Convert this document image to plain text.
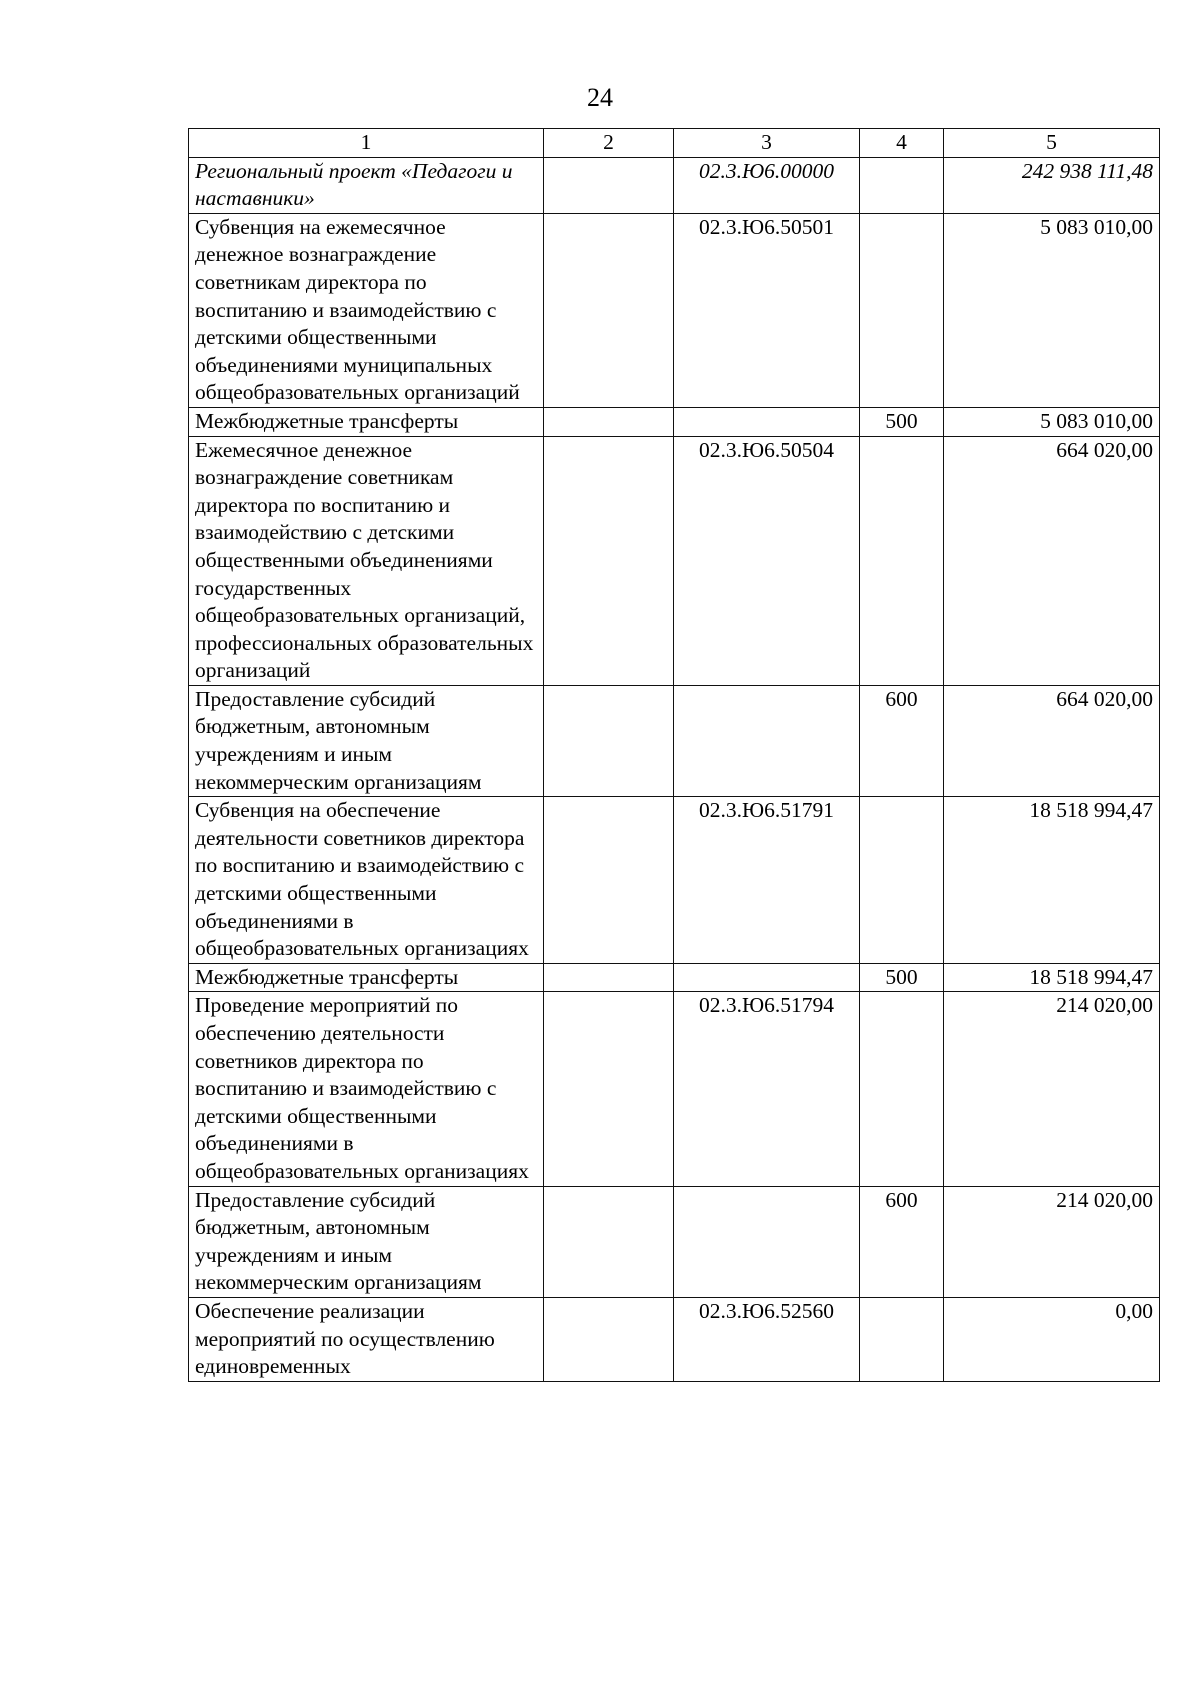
24
1	2	3	4	5
Региональный проект «Педагоги и наставники»		02.3.Ю6.00000		242 938 111,48
Субвенция на ежемесячное денежное вознаграждение советникам директора по воспитанию и взаимодействию с детскими общественными объединениями муниципальных общеобразовательных организаций		02.3.Ю6.50501		5 083 010,00
Межбюджетные трансферты			500	5 083 010,00
Ежемесячное денежное вознаграждение советникам директора по воспитанию и взаимодействию с детскими общественными объединениями государственных общеобразовательных организаций, профессиональных образовательных организаций		02.3.Ю6.50504		664 020,00
Предоставление субсидий бюджетным, автономным учреждениям и иным некоммерческим организациям			600	664 020,00
Субвенция на обеспечение деятельности советников директора по воспитанию и взаимодействию с детскими общественными объединениями в общеобразовательных организациях		02.3.Ю6.51791		18 518 994,47
Межбюджетные трансферты			500	18 518 994,47
Проведение мероприятий по обеспечению деятельности советников директора по воспитанию и взаимодействию с детскими общественными объединениями в общеобразовательных организациях		02.3.Ю6.51794		214 020,00
Предоставление субсидий бюджетным, автономным учреждениям и иным некоммерческим организациям			600	214 020,00
Обеспечение реализации мероприятий по осуществлению единовременных		02.3.Ю6.52560		0,00
